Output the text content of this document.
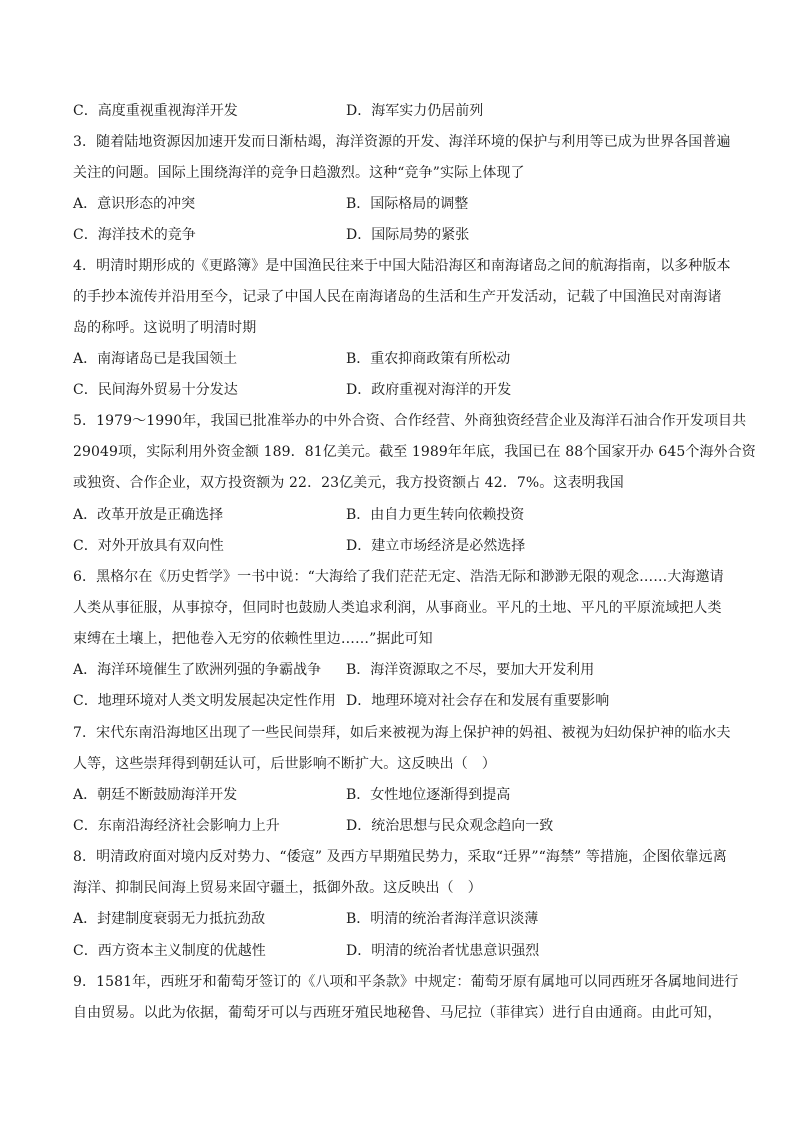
C．高度重视重视海洋开发	D．海军实力仍居前列
3．随着陆地资源因加速开发而日渐枯竭，海洋资源的开发、海洋环境的保护与利用等已成为世界各国普遍
关注的问题。国际上围绕海洋的竞争日趋激烈。这种“竞争”实际上体现了
A．意识形态的冲突	B．国际格局的调整
C．海洋技术的竞争	D．国际局势的紧张
4．明清时期形成的《更路簿》是中国渔民往来于中国大陆沿海区和南海诸岛之间的航海指南，以多种版本
的手抄本流传并沿用至今，记录了中国人民在南海诸岛的生活和生产开发活动，记载了中国渔民对南海诸
岛的称呼。这说明了明清时期
A．南海诸岛已是我国领土	B．重农抑商政策有所松动
C．民间海外贸易十分发达	D．政府重视对海洋的开发
5．1979～1990年，我国已批准举办的中外合资、合作经营、外商独资经营企业及海洋石油合作开发项目共
29049项，实际利用外资金额 189．81亿美元。截至 1989年年底，我国已在 88个国家开办 645个海外合资
或独资、合作企业，双方投资额为 22．23亿美元，我方投资额占 42．7%。这表明我国
A．改革开放是正确选择	B．由自力更生转向依赖投资
C．对外开放具有双向性	D．建立市场经济是必然选择
6．黑格尔在《历史哲学》一书中说：“大海给了我们茫茫无定、浩浩无际和渺渺无限的观念……大海邀请
人类从事征服，从事掠夺，但同时也鼓励人类追求利润，从事商业。平凡的土地、平凡的平原流域把人类
束缚在土壤上，把他卷入无穷的依赖性里边……”据此可知
A．海洋环境催生了欧洲列强的争霸战争 B．海洋资源取之不尽，要加大开发利用
C．地理环境对人类文明发展起决定性作用 D．地理环境对社会存在和发展有重要影响
7．宋代东南沿海地区出现了一些民间崇拜，如后来被视为海上保护神的妈祖、被视为妇幼保护神的临水夫
人等，这些崇拜得到朝廷认可，后世影响不断扩大。这反映出（　）
A．朝廷不断鼓励海洋开发	B．女性地位逐渐得到提高
C．东南沿海经济社会影响力上升	D．统治思想与民众观念趋向一致
8．明清政府面对境内反对势力、“倭寇” 及西方早期殖民势力，采取“迁界”“海禁” 等措施，企图依靠远离
海洋、抑制民间海上贸易来固守疆土，抵御外敌。这反映出（　）
A．封建制度衰弱无力抵抗劲敌	B．明清的统治者海洋意识淡薄
C．西方资本主义制度的优越性	D．明清的统治者忧患意识强烈
9．1581年，西班牙和葡萄牙签订的《八项和平条款》中规定：葡萄牙原有属地可以同西班牙各属地间进行
自由贸易。以此为依据，葡萄牙可以与西班牙殖民地秘鲁、马尼拉（菲律宾）进行自由通商。由此可知，
